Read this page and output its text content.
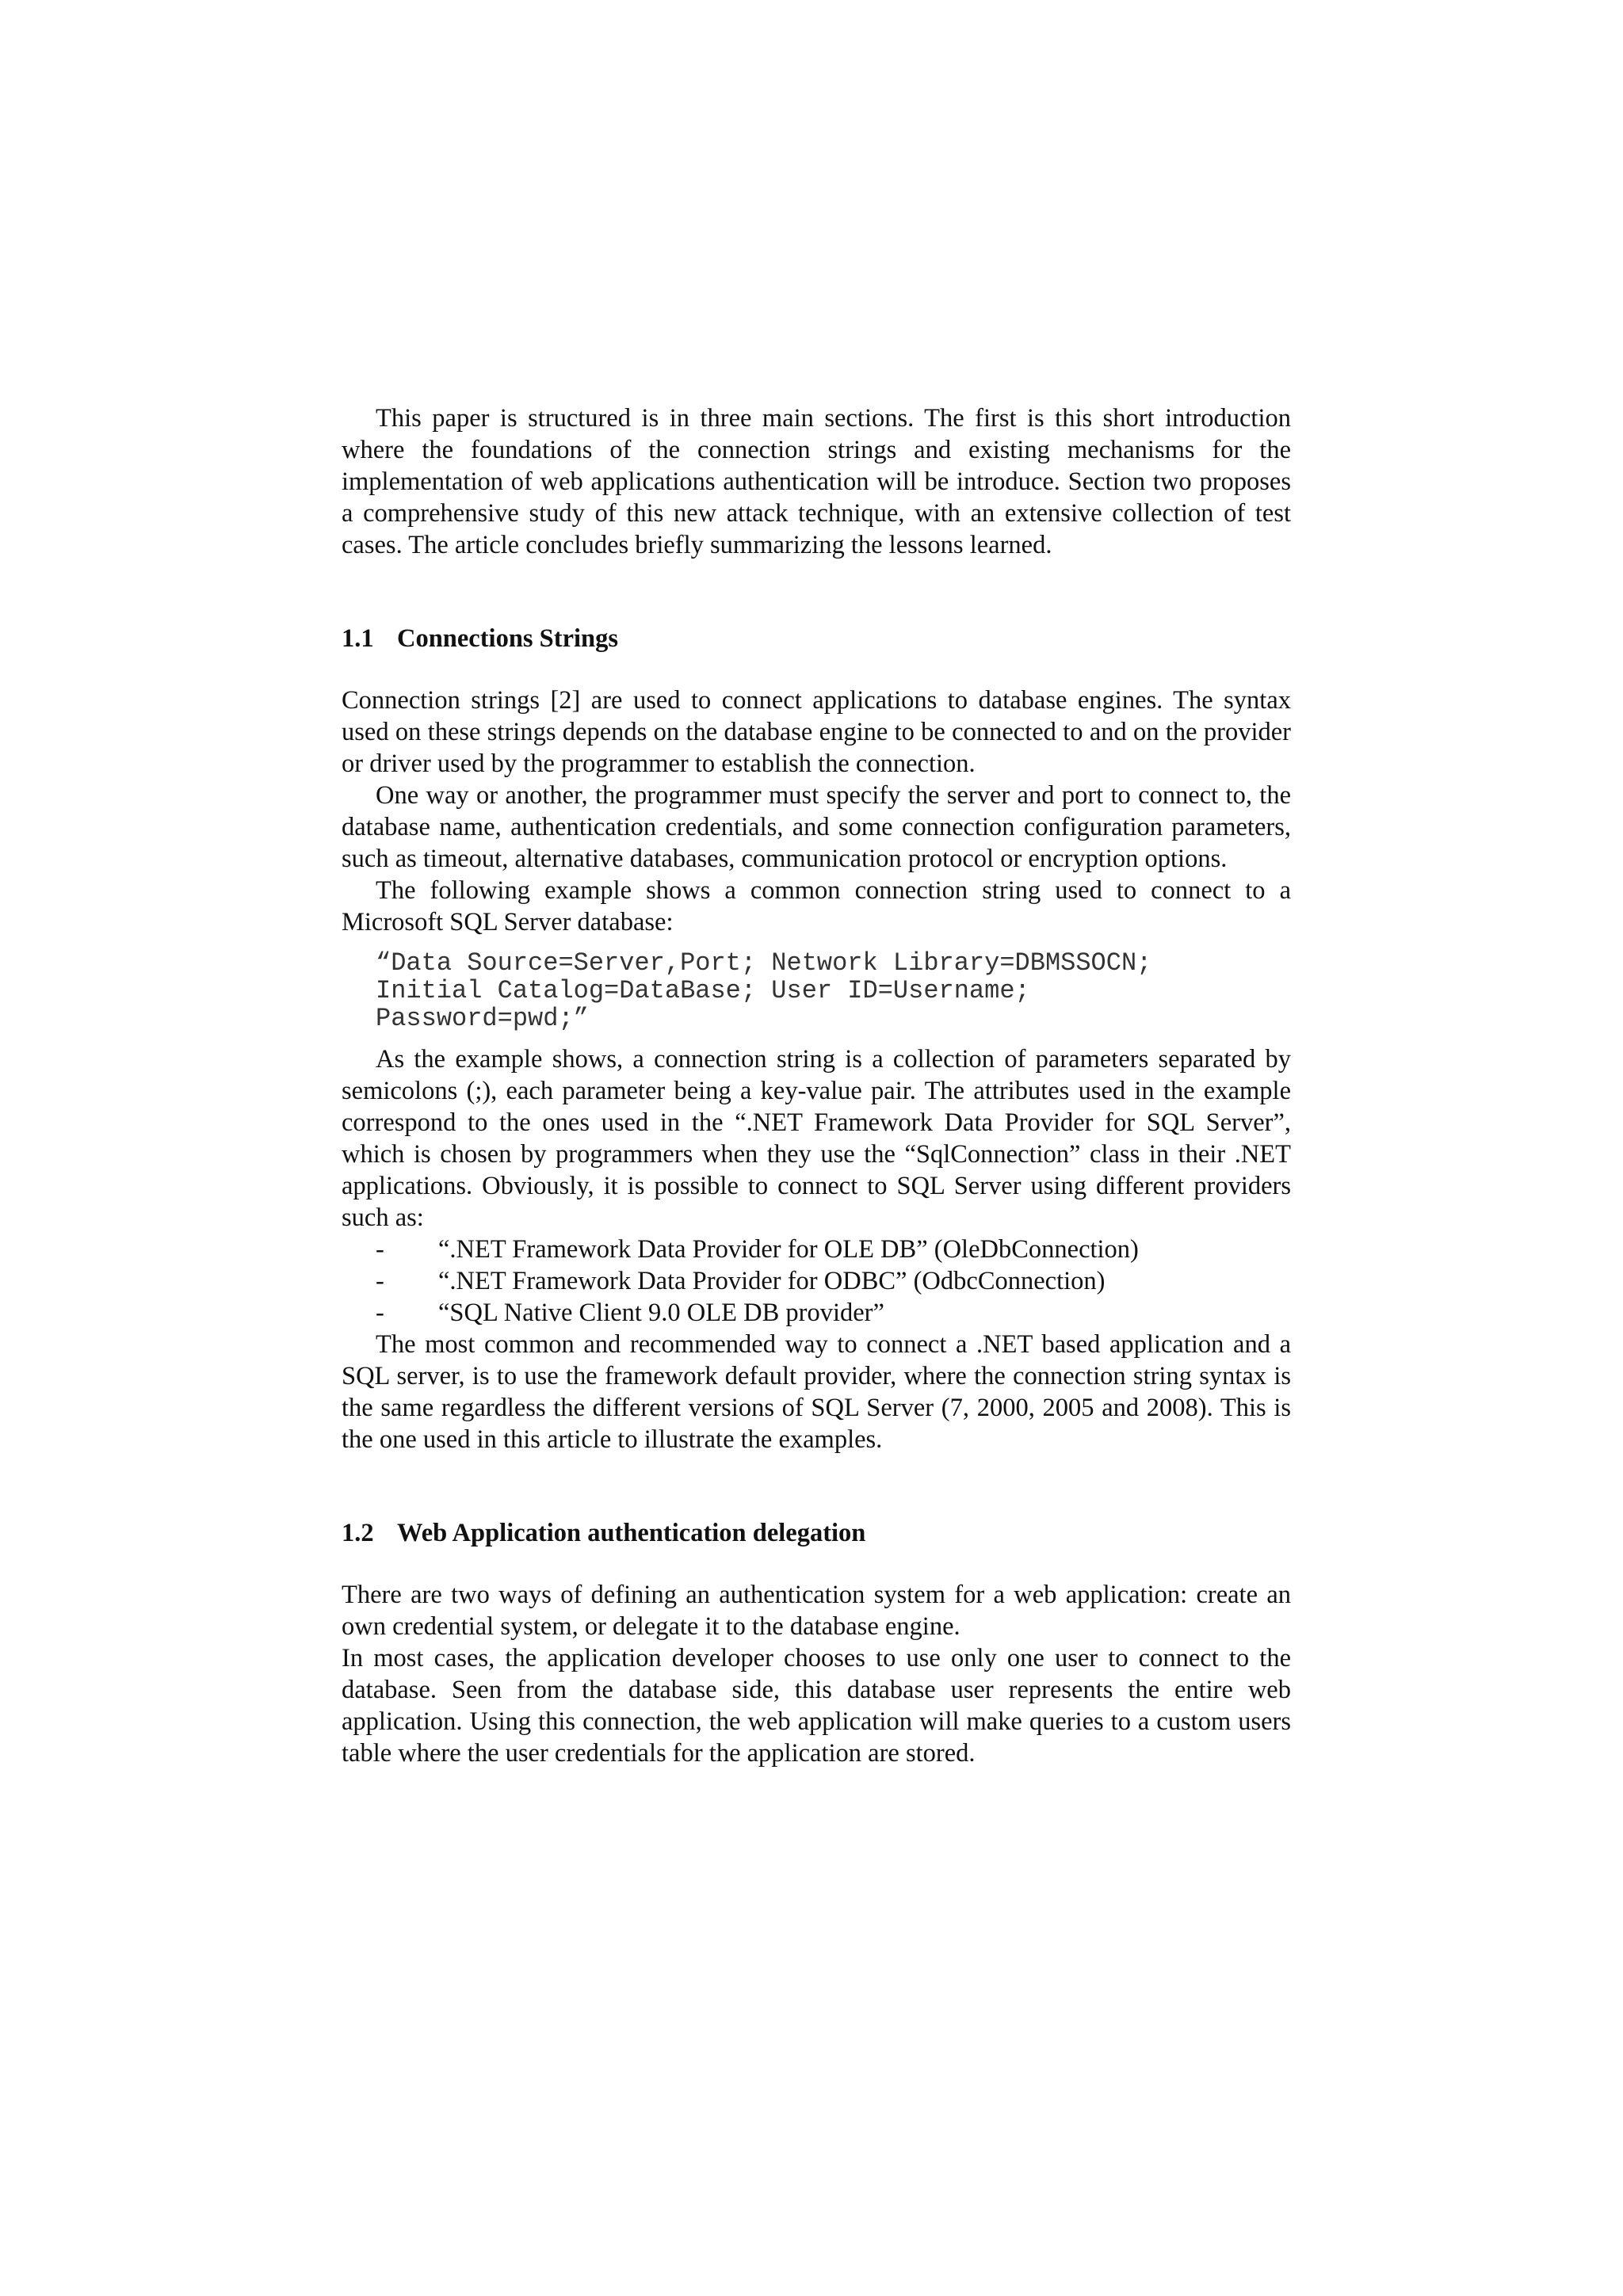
This paper is structured is in three main sections. The first is this short introduction where the foundations of the connection strings and existing mechanisms for the implementation of web applications authentication will be introduce. Section two proposes a comprehensive study of this new attack technique, with an extensive collection of test cases. The article concludes briefly summarizing the lessons learned.

1.1 Connections Strings

Connection strings [2] are used to connect applications to database engines. The syntax used on these strings depends on the database engine to be connected to and on the provider or driver used by the programmer to establish the connection.

One way or another, the programmer must specify the server and port to connect to, the database name, authentication credentials, and some connection configuration parameters, such as timeout, alternative databases, communication protocol or encryption options.

The following example shows a common connection string used to connect to a Microsoft SQL Server database:

“Data Source=Server,Port; Network Library=DBMSSOCN;
Initial Catalog=DataBase; User ID=Username;
Password=pwd;”

As the example shows, a connection string is a collection of parameters separated by semicolons (;), each parameter being a key-value pair. The attributes used in the example correspond to the ones used in the “.NET Framework Data Provider for SQL Server”, which is chosen by programmers when they use the “SqlConnection” class in their .NET applications. Obviously, it is possible to connect to SQL Server using different providers such as:

- “.NET Framework Data Provider for OLE DB” (OleDbConnection)
- “.NET Framework Data Provider for ODBC” (OdbcConnection)
- “SQL Native Client 9.0 OLE DB provider”

The most common and recommended way to connect a .NET based application and a SQL server, is to use the framework default provider, where the connection string syntax is the same regardless the different versions of SQL Server (7, 2000, 2005 and 2008). This is the one used in this article to illustrate the examples.

1.2 Web Application authentication delegation

There are two ways of defining an authentication system for a web application: create an own credential system, or delegate it to the database engine.

In most cases, the application developer chooses to use only one user to connect to the database. Seen from the database side, this database user represents the entire web application. Using this connection, the web application will make queries to a custom users table where the user credentials for the application are stored.
